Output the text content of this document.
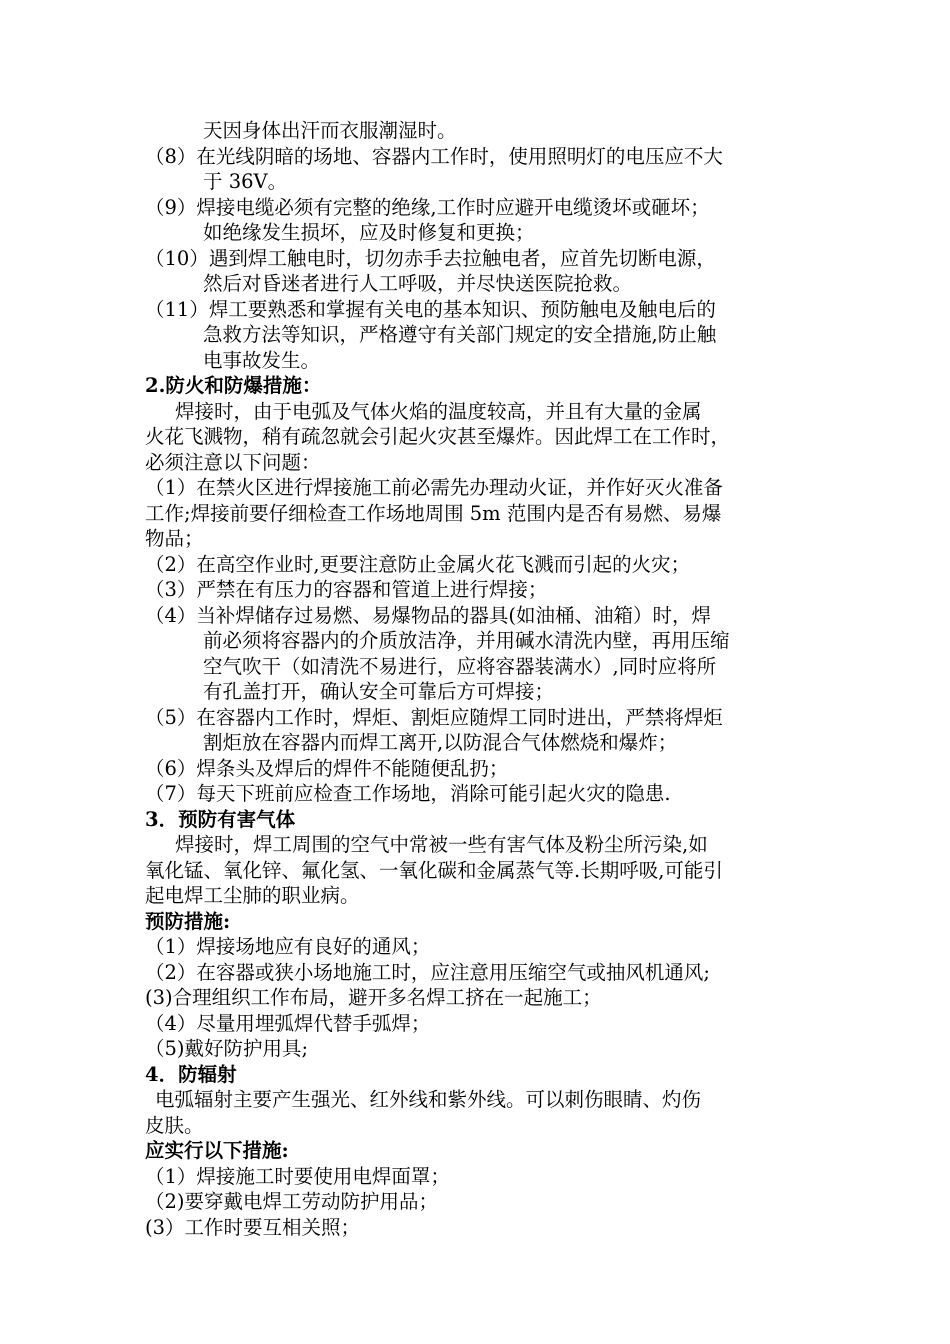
天因身体出汗而衣服潮湿时。
（8）在光线阴暗的场地、容器内工作时，使用照明灯的电压应不大
于 36V。
（9）焊接电缆必须有完整的绝缘,工作时应避开电缆烫坏或砸坏；
如绝缘发生损坏，应及时修复和更换；
（10）遇到焊工触电时，切勿赤手去拉触电者，应首先切断电源，
然后对昏迷者进行人工呼吸，并尽快送医院抢救。
（11）焊工要熟悉和掌握有关电的基本知识、预防触电及触电后的
急救方法等知识，严格遵守有关部门规定的安全措施,防止触
电事故发生。
2.防火和防爆措施：
焊接时，由于电弧及气体火焰的温度较高，并且有大量的金属
火花飞溅物，稍有疏忽就会引起火灾甚至爆炸。因此焊工在工作时，
必须注意以下问题：
（1）在禁火区进行焊接施工前必需先办理动火证，并作好灭火准备
工作;焊接前要仔细检查工作场地周围 5m 范围内是否有易燃、易爆
物品；
（2）在高空作业时,更要注意防止金属火花飞溅而引起的火灾；
（3）严禁在有压力的容器和管道上进行焊接；
（4）当补焊储存过易燃、易爆物品的器具(如油桶、油箱）时，焊
前必须将容器内的介质放洁净，并用碱水清洗内壁，再用压缩
空气吹干（如清洗不易进行，应将容器装满水）,同时应将所
有孔盖打开，确认安全可靠后方可焊接；
（5）在容器内工作时，焊炬、割炬应随焊工同时进出，严禁将焊炬
割炬放在容器内而焊工离开,以防混合气体燃烧和爆炸；
（6）焊条头及焊后的焊件不能随便乱扔；
（7）每天下班前应检查工作场地，消除可能引起火灾的隐患.
3．预防有害气体
焊接时，焊工周围的空气中常被一些有害气体及粉尘所污染,如
氧化锰、氧化锌、氟化氢、一氧化碳和金属蒸气等.长期呼吸,可能引
起电焊工尘肺的职业病。
预防措施:
（1）焊接场地应有良好的通风；
（2）在容器或狭小场地施工时，应注意用压缩空气或抽风机通风;
(3)合理组织工作布局，避开多名焊工挤在一起施工；
（4）尽量用埋弧焊代替手弧焊；
（5)戴好防护用具;
4．防辐射
电弧辐射主要产生强光、红外线和紫外线。可以刺伤眼睛、灼伤
皮肤。
应实行以下措施:
（1）焊接施工时要使用电焊面罩；
（2)要穿戴电焊工劳动防护用品；
(3）工作时要互相关照；
